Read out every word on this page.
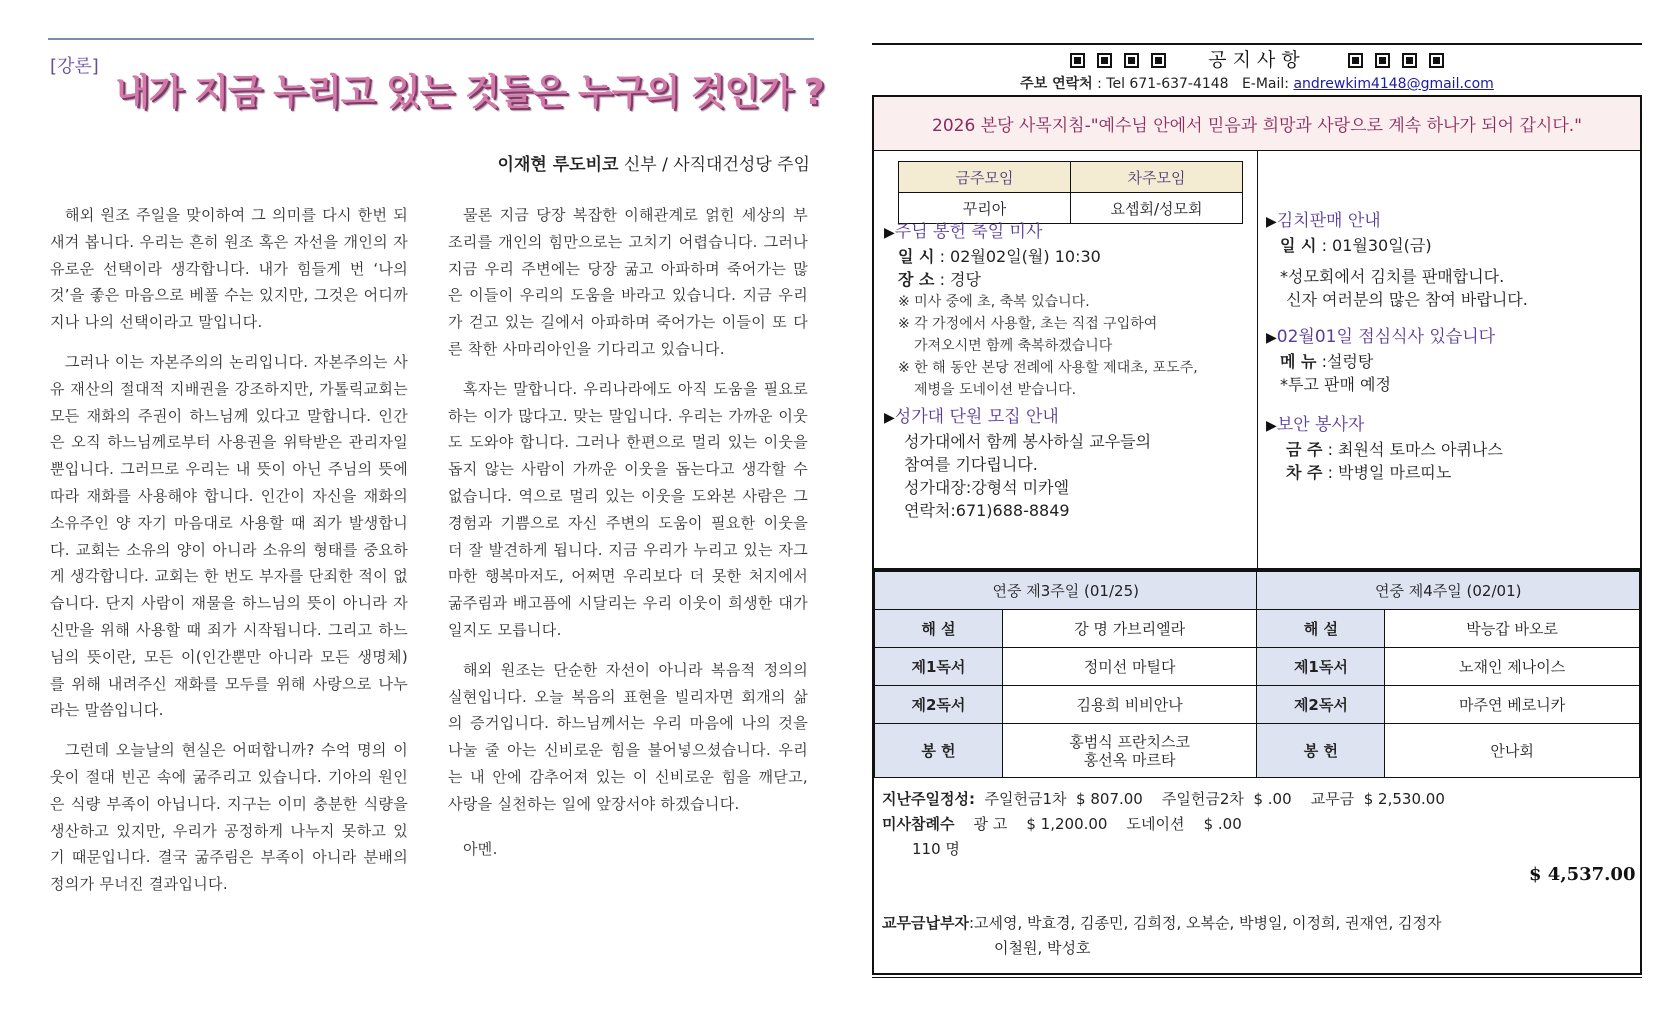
[강론]
내가 지금 누리고 있는 것들은 누구의 것인가 ?
이재현 루도비코 신부 / 사직대건성당 주임

해외 원조 주일을 맞이하여 그 의미를 다시 한번 되새겨 봅니다. 우리는 흔히 원조 혹은 자선을 개인의 자유로운 선택이라 생각합니다. 내가 힘들게 번 ‘나의 것’을 좋은 마음으로 베풀 수는 있지만, 그것은 어디까지나 나의 선택이라고 말입니다.

그러나 이는 자본주의의 논리입니다. 자본주의는 사유 재산의 절대적 지배권을 강조하지만, 가톨릭교회는 모든 재화의 주권이 하느님께 있다고 말합니다. 인간은 오직 하느님께로부터 사용권을 위탁받은 관리자일 뿐입니다. 그러므로 우리는 내 뜻이 아닌 주님의 뜻에 따라 재화를 사용해야 합니다. 인간이 자신을 재화의 소유주인 양 자기 마음대로 사용할 때 죄가 발생합니다. 교회는 소유의 양이 아니라 소유의 형태를 중요하게 생각합니다. 교회는 한 번도 부자를 단죄한 적이 없습니다. 단지 사람이 재물을 하느님의 뜻이 아니라 자신만을 위해 사용할 때 죄가 시작됩니다. 그리고 하느님의 뜻이란, 모든 이(인간뿐만 아니라 모든 생명체)를 위해 내려주신 재화를 모두를 위해 사랑으로 나누라는 말씀입니다.

그런데 오늘날의 현실은 어떠합니까? 수억 명의 이웃이 절대 빈곤 속에 굶주리고 있습니다. 기아의 원인은 식량 부족이 아닙니다. 지구는 이미 충분한 식량을 생산하고 있지만, 우리가 공정하게 나누지 못하고 있기 때문입니다. 결국 굶주림은 부족이 아니라 분배의 정의가 무너진 결과입니다.

물론 지금 당장 복잡한 이해관계로 얽힌 세상의 부조리를 개인의 힘만으로는 고치기 어렵습니다. 그러나 지금 우리 주변에는 당장 굶고 아파하며 죽어가는 많은 이들이 우리의 도움을 바라고 있습니다. 지금 우리가 걷고 있는 길에서 아파하며 죽어가는 이들이 또 다른 착한 사마리아인을 기다리고 있습니다.

혹자는 말합니다. 우리나라에도 아직 도움을 필요로 하는 이가 많다고. 맞는 말입니다. 우리는 가까운 이웃도 도와야 합니다. 그러나 한편으로 멀리 있는 이웃을 돕지 않는 사람이 가까운 이웃을 돕는다고 생각할 수 없습니다. 역으로 멀리 있는 이웃을 도와본 사람은 그 경험과 기쁨으로 자신 주변의 도움이 필요한 이웃을 더 잘 발견하게 됩니다. 지금 우리가 누리고 있는 자그마한 행복마저도, 어쩌면 우리보다 더 못한 처지에서 굶주림과 배고픔에 시달리는 우리 이웃이 희생한 대가일지도 모릅니다.

해외 원조는 단순한 자선이 아니라 복음적 정의의 실현입니다. 오늘 복음의 표현을 빌리자면 회개의 삶의 증거입니다. 하느님께서는 우리 마음에 나의 것을 나눌 줄 아는 신비로운 힘을 불어넣으셨습니다. 우리는 내 안에 감추어져 있는 이 신비로운 힘을 깨닫고, 사랑을 실천하는 일에 앞장서야 하겠습니다.

아멘.

공지사항
주보 연락처 : Tel 671-637-4148 E-Mail: andrewkim4148@gmail.com
2026 본당 사목지침-"예수님 안에서 믿음과 희망과 사랑으로 계속 하나가 되어 갑시다."
금주모임	차주모임
꾸리아	요셉회/성모회
▶주님 봉헌 축일 미사
일 시 : 02월02일(월) 10:30
장 소 : 경당
※ 미사 중에 초, 축복 있습니다.
※ 각 가정에서 사용할, 초는 직접 구입하여
가져오시면 함께 축복하겠습니다
※ 한 해 동안 본당 전례에 사용할 제대초, 포도주,
제병을 도네이션 받습니다.
▶성가대 단원 모집 안내
성가대에서 함께 봉사하실 교우들의
참여를 기다립니다.
성가대장:강형석 미카엘
연락처:671)688-8849
▶김치판매 안내
일 시 : 01월30일(금)
*성모회에서 김치를 판매합니다.
신자 여러분의 많은 참여 바랍니다.
▶02월01일 점심식사 있습니다
메 뉴 :설렁탕
*투고 판매 예정
▶보안 봉사자
금 주 : 최원석 토마스 아퀴나스
차 주 : 박병일 마르띠노
연중 제3주일 (01/25)		연중 제4주일 (02/01)	
해 설	강 명 가브리엘라	해 설	박능갑 바오로
제1독서	정미선 마틸다	제1독서	노재인 제나이스
제2독서	김용희 비비안나	제2독서	마주연 베로니카
봉 헌	홍범식 프란치스코
홍선옥 마르타	봉 헌	안나회
지난주일정성: 주일헌금1차 $ 807.00 주일헌금2차 $ .00 교무금 $ 2,530.00
미사참례수 광 고 $ 1,200.00 도네이션 $ .00
110 명
$ 4,537.00
교무금납부자:고세영, 박효경, 김종민, 김희정, 오복순, 박병일, 이정희, 권재연, 김정자
이철원, 박성호
